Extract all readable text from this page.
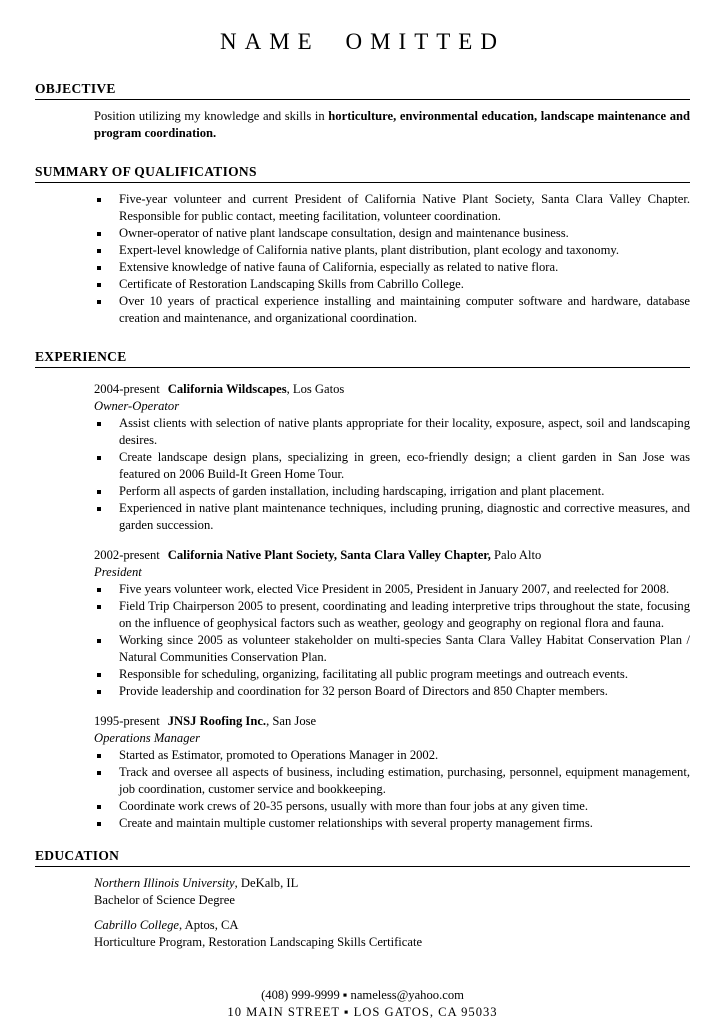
NAME OMITTED
OBJECTIVE

Position utilizing my knowledge and skills in horticulture, environmental education, landscape maintenance and program coordination.

SUMMARY OF QUALIFICATIONS
Five-year volunteer and current President of California Native Plant Society, Santa Clara Valley Chapter. Responsible for public contact, meeting facilitation, volunteer coordination.
Owner-operator of native plant landscape consultation, design and maintenance business.
Expert-level knowledge of California native plants, plant distribution, plant ecology and taxonomy.
Extensive knowledge of native fauna of California, especially as related to native flora.
Certificate of Restoration Landscaping Skills from Cabrillo College.
Over 10 years of practical experience installing and maintaining computer software and hardware, database creation and maintenance, and organizational coordination.
EXPERIENCE

2004-present California Wildscapes, Los Gatos

Owner-Operator

Assist clients with selection of native plants appropriate for their locality, exposure, aspect, soil and landscaping desires.
Create landscape design plans, specializing in green, eco-friendly design; a client garden in San Jose was featured on 2006 Build-It Green Home Tour.
Perform all aspects of garden installation, including hardscaping, irrigation and plant placement.
Experienced in native plant maintenance techniques, including pruning, diagnostic and corrective measures, and garden succession.

2002-present California Native Plant Society, Santa Clara Valley Chapter, Palo Alto

President

Five years volunteer work, elected Vice President in 2005, President in January 2007, and reelected for 2008.
Field Trip Chairperson 2005 to present, coordinating and leading interpretive trips throughout the state, focusing on the influence of geophysical factors such as weather, geology and geography on regional flora and fauna.
Working since 2005 as volunteer stakeholder on multi-species Santa Clara Valley Habitat Conservation Plan / Natural Communities Conservation Plan.
Responsible for scheduling, organizing, facilitating all public program meetings and outreach events.
Provide leadership and coordination for 32 person Board of Directors and 850 Chapter members.

1995-present JNSJ Roofing Inc., San Jose

Operations Manager

Started as Estimator, promoted to Operations Manager in 2002.
Track and oversee all aspects of business, including estimation, purchasing, personnel, equipment management, job coordination, customer service and bookkeeping.
Coordinate work crews of 20-35 persons, usually with more than four jobs at any given time.
Create and maintain multiple customer relationships with several property management firms.
EDUCATION

Northern Illinois University, DeKalb, IL

Bachelor of Science Degree

Cabrillo College, Aptos, CA

Horticulture Program, Restoration Landscaping Skills Certificate

(408) 999-9999 ▪ nameless@yahoo.com

10 MAIN STREET ▪ LOS GATOS, CA 95033
